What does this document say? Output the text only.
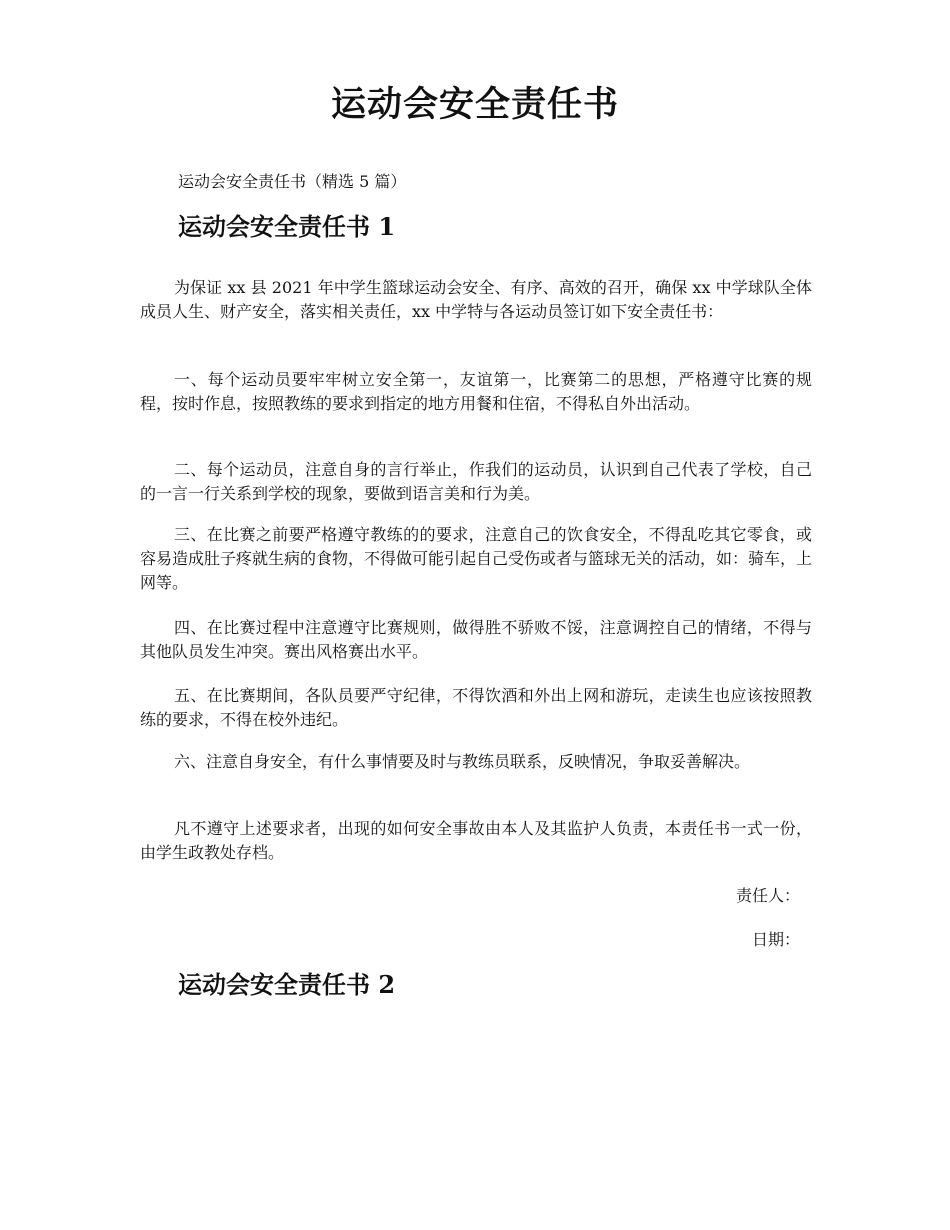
运动会安全责任书

运动会安全责任书（精选 5 篇）

运动会安全责任书 1

为保证 xx 县 2021 年中学生篮球运动会安全、有序、高效的召开，确保 xx 中学球队全体成员人生、财产安全，落实相关责任，xx 中学特与各运动员签订如下安全责任书：

一、每个运动员要牢牢树立安全第一，友谊第一，比赛第二的思想，严格遵守比赛的规程，按时作息，按照教练的要求到指定的地方用餐和住宿，不得私自外出活动。

二、每个运动员，注意自身的言行举止，作我们的运动员，认识到自己代表了学校，自己的一言一行关系到学校的现象，要做到语言美和行为美。

三、在比赛之前要严格遵守教练的的要求，注意自己的饮食安全，不得乱吃其它零食，或容易造成肚子疼就生病的食物，不得做可能引起自己受伤或者与篮球无关的活动，如：骑车，上网等。

四、在比赛过程中注意遵守比赛规则，做得胜不骄败不馁，注意调控自己的情绪，不得与其他队员发生冲突。赛出风格赛出水平。

五、在比赛期间，各队员要严守纪律，不得饮酒和外出上网和游玩，走读生也应该按照教练的要求，不得在校外违纪。

六、注意自身安全，有什么事情要及时与教练员联系，反映情况，争取妥善解决。

凡不遵守上述要求者，出现的如何安全事故由本人及其监护人负责，本责任书一式一份，由学生政教处存档。

责任人：

日期：

运动会安全责任书 2
